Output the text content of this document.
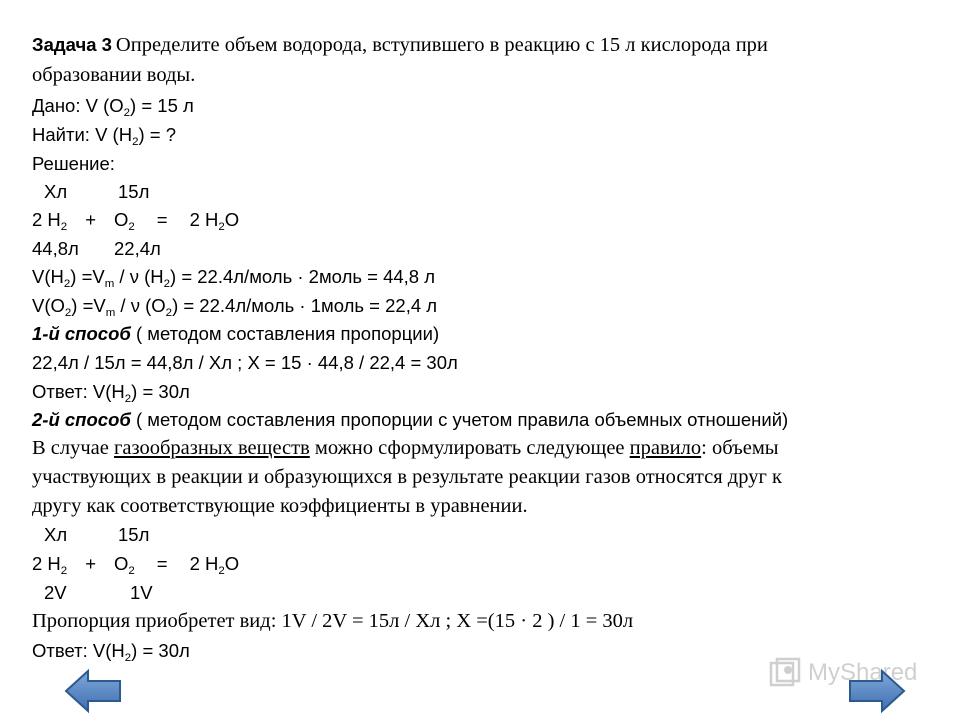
Задача 3 Определите объем водорода, вступившего в реакцию с 15 л кислорода при
образовании воды.
Дано: V $(O_2) = 15$ л
Найти: V $(H_2)$ = ?
Решение:
Хл	15л
2 $H_2 + O_2 = 2$ $H_2O$
44,8л 22,4л
$V(H_2) =V_m / \nu$ $(H_2)$ = 22.4л/моль · 2моль = 44,8 л
$V(O_2) =V_m / \nu$ $(O_2)$ = 22.4л/моль · 1моль = 22,4 л
1-й способ ( методом составления пропорции)
22,4л / 15л = 44,8л / Хл ; Х = 15 · 44,8 / 22,4 = 30л
Ответ: $V(H_2) = 30л$
2-й способ ( методом составления пропорции с учетом правила объемных отношений)
В случае газообразных веществ можно сформулировать следующее правило: объемы
участвующих в реакции и образующихся в результате реакции газов относятся друг к
другу как соответствующие коэффициенты в уравнении.
Хл	15л
2 $H_2 + O_2 = 2$ $H_2O$
2V	1V
Пропорция приобретет вид: 1V / 2V = 15л / Хл ; Х =(15 · 2 ) / 1 = 30л
Ответ: $V(H_2) = 30л$
MyShared
